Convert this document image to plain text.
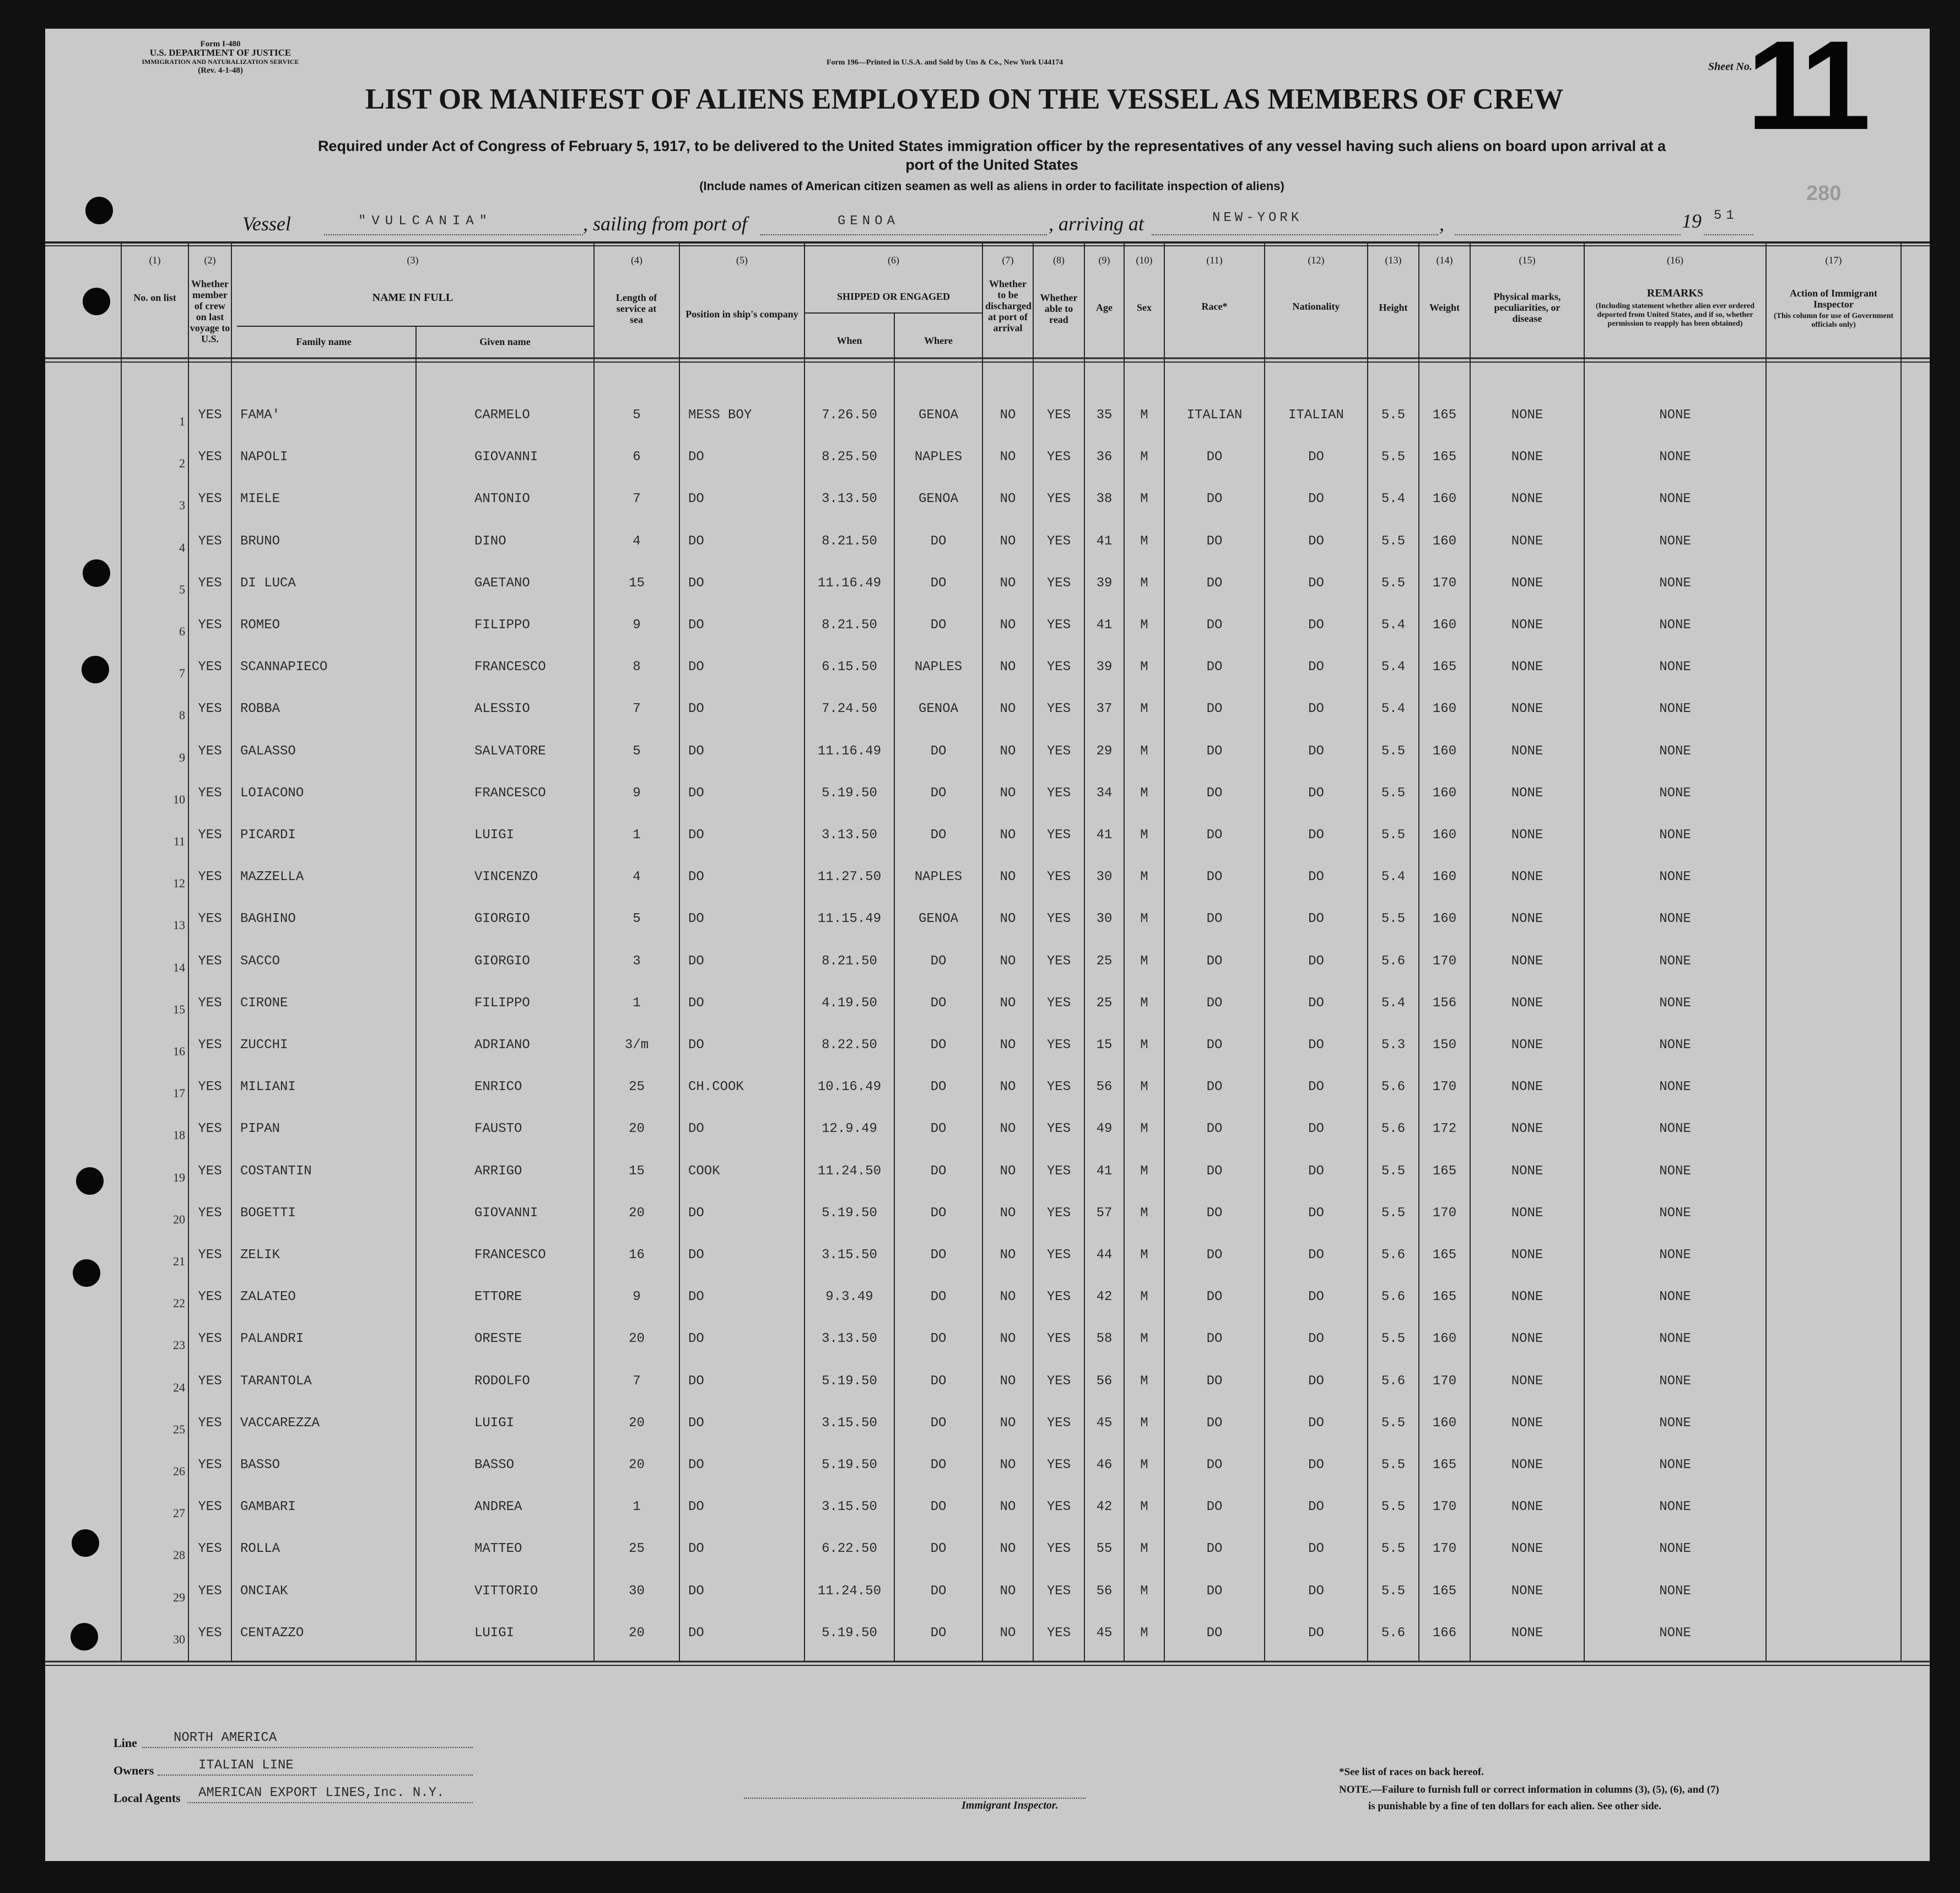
Form I-480
U.S. DEPARTMENT OF JUSTICE
IMMIGRATION AND NATURALIZATION SERVICE
(Rev. 4-1-48)
Form 196—Printed in U.S.A. and Sold by Uns & Co., New York U44174	Sheet No.
11
280
LIST OR MANIFEST OF ALIENS EMPLOYED ON THE VESSEL AS MEMBERS OF CREW
Required under Act of Congress of February 5, 1917, to be delivered to the United States immigration officer by the representatives of any vessel having such aliens on board upon arrival at a
port of the United States
(Include names of American citizen seamen as well as aliens in order to facilitate inspection of aliens)
Vessel	"VULCANIA"	, sailing from port of	GENOA	, arriving at	NEW-YORK	,	19 51
(1)
No. on list
(2)
Whether member of crew on last voyage to U.S.
(3)
NAME IN FULL
Family name	Given name
(4)
Length of service at sea
(5)
Position in ship's company
(6)
SHIPPED OR ENGAGED
When	Where
(7)
Whether to be discharged at port of arrival
(8)
Whether able to read
(9)
Age
(10)
Sex
(11)
Race*
(12)
Nationality
(13)
Height
(14)
Weight
(15)
Physical marks, peculiarities, or disease
(16)
REMARKS
(Including statement whether alien ever ordered deported from United States, and if so, whether permission to reapply has been obtained)
(17)
Action of Immigrant Inspector
(This column for use of Government officials only)
1 YES	FAMA'	CARMELO	5	MESS BOY	7.26.50	GENOA	NO	YES	35	M	ITALIAN	ITALIAN	5.5	165	NONE	NONE
2 YES	NAPOLI	GIOVANNI	6	DO	8.25.50	NAPLES	NO	YES	36	M	DO	DO	5.5	165	NONE	NONE
3 YES	MIELE	ANTONIO	7	DO	3.13.50	GENOA	NO	YES	38	M	DO	DO	5.4	160	NONE	NONE
4 YES	BRUNO	DINO	4	DO	8.21.50	DO	NO	YES	41	M	DO	DO	5.5	160	NONE	NONE
5 YES	DI LUCA	GAETANO	15	DO	11.16.49	DO	NO	YES	39	M	DO	DO	5.5	170	NONE	NONE
6 YES	ROMEO	FILIPPO	9	DO	8.21.50	DO	NO	YES	41	M	DO	DO	5.4	160	NONE	NONE
7 YES	SCANNAPIECO	FRANCESCO	8	DO	6.15.50	NAPLES	NO	YES	39	M	DO	DO	5.4	165	NONE	NONE
8 YES	ROBBA	ALESSIO	7	DO	7.24.50	GENOA	NO	YES	37	M	DO	DO	5.4	160	NONE	NONE
9 YES	GALASSO	SALVATORE	5	DO	11.16.49	DO	NO	YES	29	M	DO	DO	5.5	160	NONE	NONE
10 YES	LOIACONO	FRANCESCO	9	DO	5.19.50	DO	NO	YES	34	M	DO	DO	5.5	160	NONE	NONE
11 YES	PICARDI	LUIGI	1	DO	3.13.50	DO	NO	YES	41	M	DO	DO	5.5	160	NONE	NONE
12 YES	MAZZELLA	VINCENZO	4	DO	11.27.50	NAPLES	NO	YES	30	M	DO	DO	5.4	160	NONE	NONE
13 YES	BAGHINO	GIORGIO	5	DO	11.15.49	GENOA	NO	YES	30	M	DO	DO	5.5	160	NONE	NONE
14 YES	SACCO	GIORGIO	3	DO	8.21.50	DO	NO	YES	25	M	DO	DO	5.6	170	NONE	NONE
15 YES	CIRONE	FILIPPO	1	DO	4.19.50	DO	NO	YES	25	M	DO	DO	5.4	156	NONE	NONE
16 YES	ZUCCHI	ADRIANO	3/m	DO	8.22.50	DO	NO	YES	15	M	DO	DO	5.3	150	NONE	NONE
17 YES	MILIANI	ENRICO	25	CH.COOK	10.16.49	DO	NO	YES	56	M	DO	DO	5.6	170	NONE	NONE
18 YES	PIPAN	FAUSTO	20	DO	12.9.49	DO	NO	YES	49	M	DO	DO	5.6	172	NONE	NONE
19 YES	COSTANTIN	ARRIGO	15	COOK	11.24.50	DO	NO	YES	41	M	DO	DO	5.5	165	NONE	NONE
20 YES	BOGETTI	GIOVANNI	20	DO	5.19.50	DO	NO	YES	57	M	DO	DO	5.5	170	NONE	NONE
21 YES	ZELIK	FRANCESCO	16	DO	3.15.50	DO	NO	YES	44	M	DO	DO	5.6	165	NONE	NONE
22 YES	ZALATEO	ETTORE	9	DO	9.3.49	DO	NO	YES	42	M	DO	DO	5.6	165	NONE	NONE
23 YES	PALANDRI	ORESTE	20	DO	3.13.50	DO	NO	YES	58	M	DO	DO	5.5	160	NONE	NONE
24 YES	TARANTOLA	RODOLFO	7	DO	5.19.50	DO	NO	YES	56	M	DO	DO	5.6	170	NONE	NONE
25 YES	VACCAREZZA	LUIGI	20	DO	3.15.50	DO	NO	YES	45	M	DO	DO	5.5	160	NONE	NONE
26 YES	BASSO	BASSO	20	DO	5.19.50	DO	NO	YES	46	M	DO	DO	5.5	165	NONE	NONE
27 YES	GAMBARI	ANDREA	1	DO	3.15.50	DO	NO	YES	42	M	DO	DO	5.5	170	NONE	NONE
28 YES	ROLLA	MATTEO	25	DO	6.22.50	DO	NO	YES	55	M	DO	DO	5.5	170	NONE	NONE
29 YES	ONCIAK	VITTORIO	30	DO	11.24.50	DO	NO	YES	56	M	DO	DO	5.5	165	NONE	NONE
30 YES	CENTAZZO	LUIGI	20	DO	5.19.50	DO	NO	YES	45	M	DO	DO	5.6	166	NONE	NONE
Line	NORTH AMERICA
Owners	ITALIAN LINE
Local Agents AMERICAN EXPORT LINES,Inc. N.Y.
Immigrant Inspector.
*See list of races on back hereof.
NOTE.—Failure to furnish full or correct information in columns (3), (5), (6), and (7)
is punishable by a fine of ten dollars for each alien. See other side.
